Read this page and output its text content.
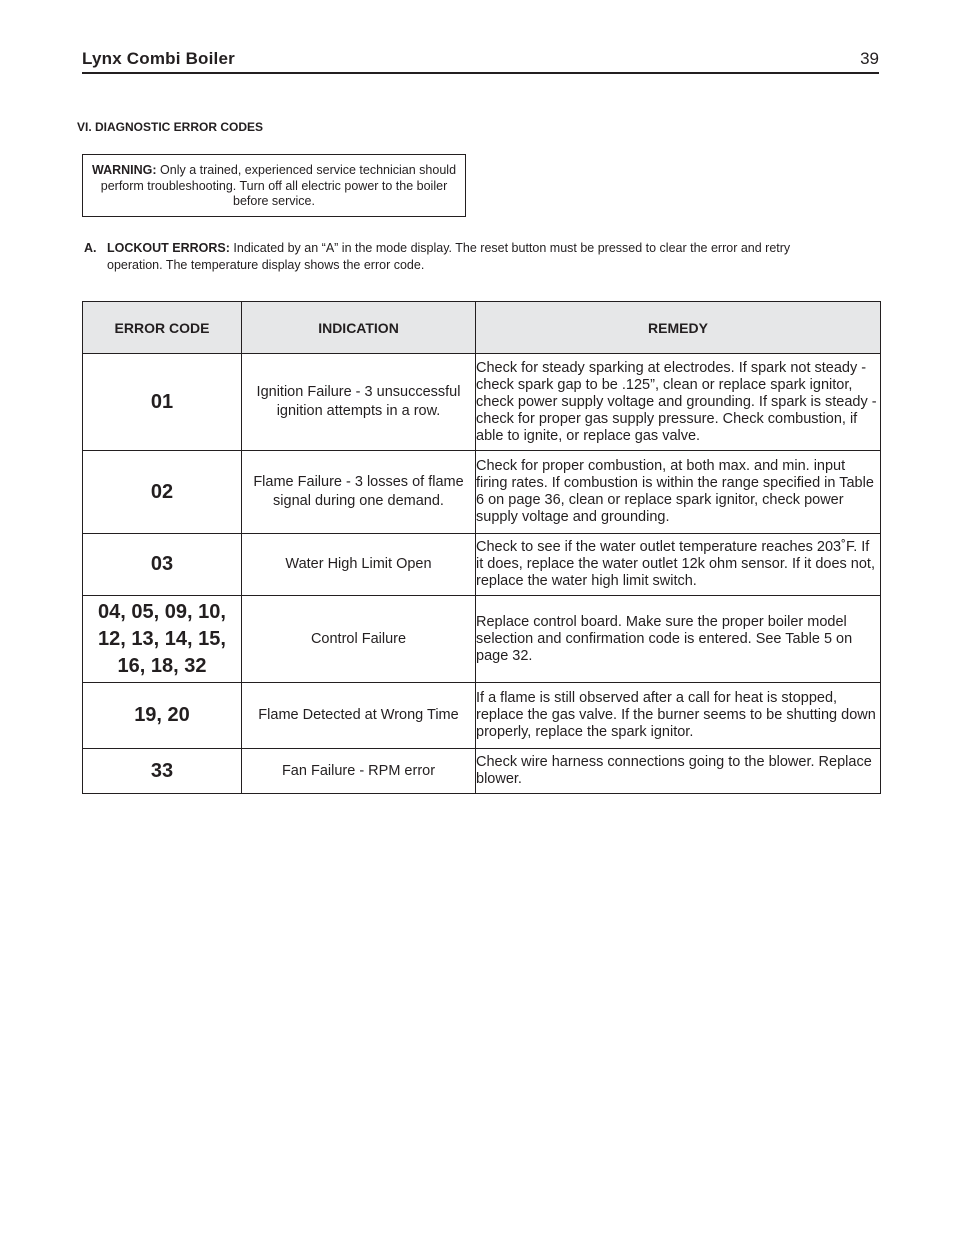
Lynx Combi Boiler	39
VI. DIAGNOSTIC ERROR CODES
WARNING: Only a trained, experienced service technician should perform troubleshooting. Turn off all electric power to the boiler before service.
A. LOCKOUT ERRORS: Indicated by an “A” in the mode display. The reset button must be pressed to clear the error and retry operation. The temperature display shows the error code.
ERROR CODE	INDICATION	REMEDY
01	Ignition Failure - 3 unsuccessful ignition attempts in a row.	Check for steady sparking at electrodes. If spark not steady - check spark gap to be .125”, clean or replace spark ignitor, check power supply voltage and grounding. If spark is steady - check for proper gas supply pressure. Check combustion, if able to ignite, or replace gas valve.
02	Flame Failure - 3 losses of flame signal during one demand.	Check for proper combustion, at both max. and min. input firing rates. If combustion is within the range specified in Table 6 on page 36, clean or replace spark ignitor, check power supply voltage and grounding.
03	Water High Limit Open	Check to see if the water outlet temperature reaches 203˚F. If it does, replace the water outlet 12k ohm sensor. If it does not, replace the water high limit switch.
04, 05, 09, 10, 12, 13, 14, 15, 16, 18, 32	Control Failure	Replace control board. Make sure the proper boiler model selection and confirmation code is entered. See Table 5 on page 32.
19, 20	Flame Detected at Wrong Time	If a flame is still observed after a call for heat is stopped, replace the gas valve. If the burner seems to be shutting down properly, replace the spark ignitor.
33	Fan Failure - RPM error	Check wire harness connections going to the blower. Replace blower.
